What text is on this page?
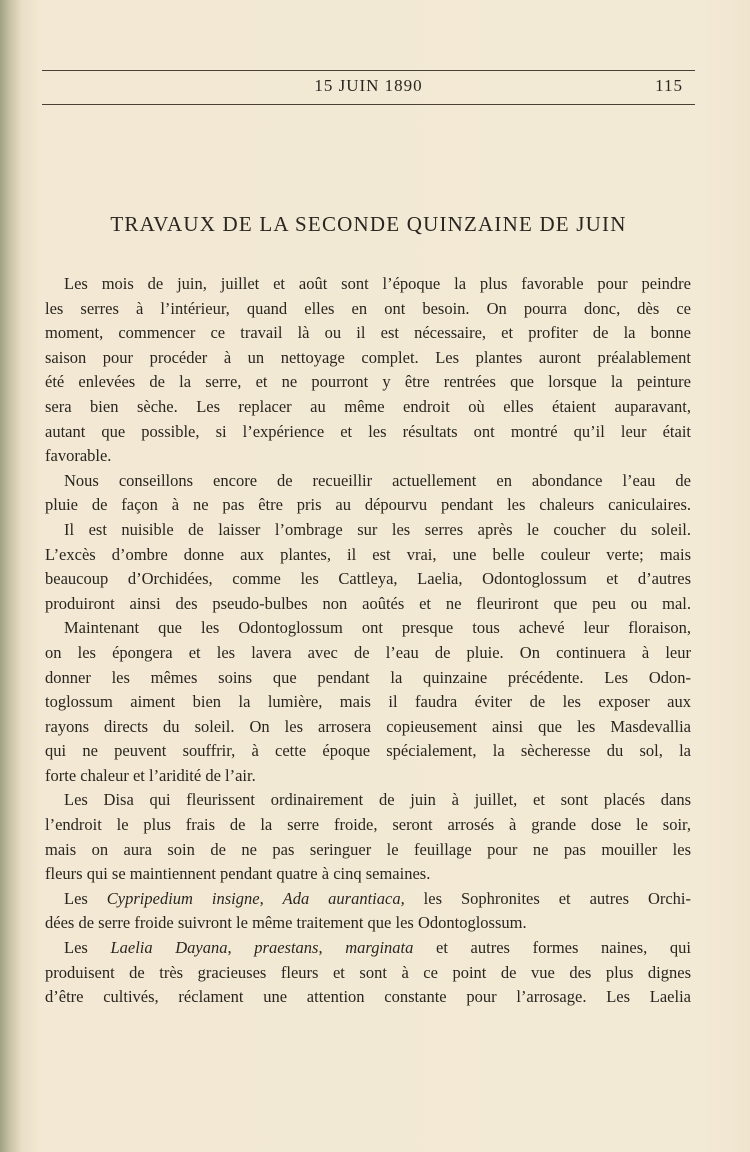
15 JUIN 1890	115
TRAVAUX DE LA SECONDE QUINZAINE DE JUIN
Les mois de juin, juillet et août sont l’époque la plus favorable pour peindre
les serres à l’intérieur, quand elles en ont besoin. On pourra donc, dès ce
moment, commencer ce travail là ou il est nécessaire, et profiter de la bonne
saison pour procéder à un nettoyage complet. Les plantes auront préalablement
été enlevées de la serre, et ne pourront y être rentrées que lorsque la peinture
sera bien sèche. Les replacer au même endroit où elles étaient auparavant,
autant que possible, si l’expérience et les résultats ont montré qu’il leur était
favorable.
Nous conseillons encore de recueillir actuellement en abondance l’eau de
pluie de façon à ne pas être pris au dépourvu pendant les chaleurs caniculaires.
Il est nuisible de laisser l’ombrage sur les serres après le coucher du soleil.
L’excès d’ombre donne aux plantes, il est vrai, une belle couleur verte; mais
beaucoup d’Orchidées, comme les Cattleya, Laelia, Odontoglossum et d’autres
produiront ainsi des pseudo-bulbes non aoûtés et ne fleuriront que peu ou mal.
Maintenant que les Odontoglossum ont presque tous achevé leur floraison,
on les épongera et les lavera avec de l’eau de pluie. On continuera à leur
donner les mêmes soins que pendant la quinzaine précédente. Les Odon-
toglossum aiment bien la lumière, mais il faudra éviter de les exposer aux
rayons directs du soleil. On les arrosera copieusement ainsi que les Masdevallia
qui ne peuvent souffrir, à cette époque spécialement, la sècheresse du sol, la
forte chaleur et l’aridité de l’air.
Les Disa qui fleurissent ordinairement de juin à juillet, et sont placés dans
l’endroit le plus frais de la serre froide, seront arrosés à grande dose le soir,
mais on aura soin de ne pas seringuer le feuillage pour ne pas mouiller les
fleurs qui se maintiennent pendant quatre à cinq semaines.
Les Cypripedium insigne, Ada aurantiaca, les Sophronites et autres Orchi-
dées de serre froide suivront le même traitement que les Odontoglossum.
Les Laelia Dayana, praestans, marginata et autres formes naines, qui
produisent de très gracieuses fleurs et sont à ce point de vue des plus dignes
d’être cultivés, réclament une attention constante pour l’arrosage. Les Laelia
